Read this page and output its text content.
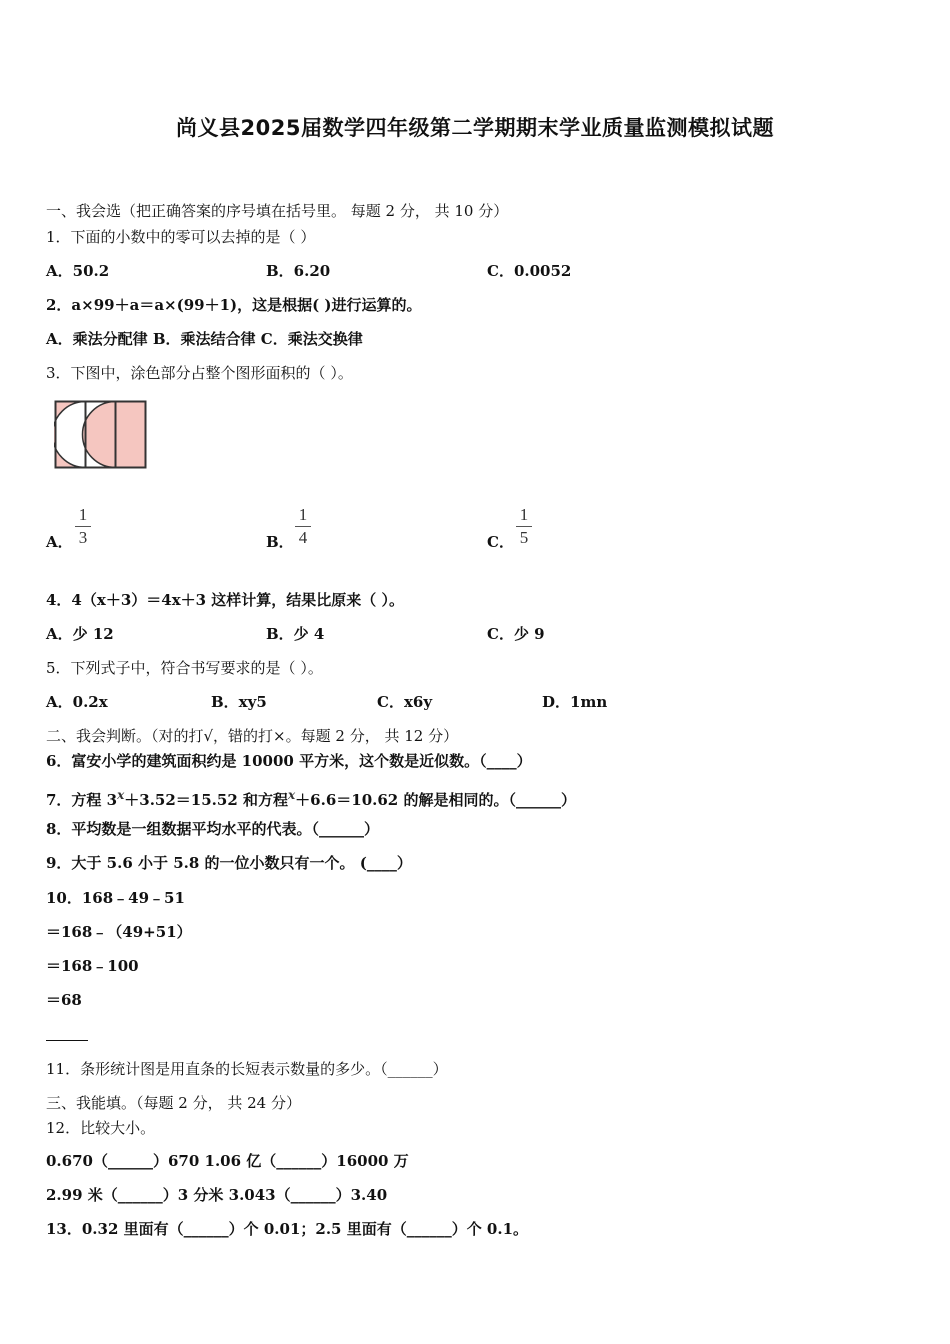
尚义县2025届数学四年级第二学期期末学业质量监测模拟试题
一、我会选（把正确答案的序号填在括号里。 每题 2 分， 共 10 分）
1．下面的小数中的零可以去掉的是（ ）
A．50.2	B．6.20	C．0.0052
2．a×99＋a＝a×(99＋1)，这是根据( )进行运算的。
A．乘法分配律 B．乘法结合律 C．乘法交换律
3．下图中，涂色部分占整个图形面积的（ ）。
A．
1
3	B．
1
4	C．
1
5
4．4（x＋3）＝4x＋3 这样计算，结果比原来（ ）。
A．少 12	B．少 4	C．少 9
5．下列式子中，符合书写要求的是（ ）。
A．0.2x	B．xy5	C．x6y	D．1mn
二、我会判断。（对的打√，错的打×。每题 2 分， 共 12 分）
6．富安小学的建筑面积约是 10000 平方米，这个数是近似数。（____）
7．方程 $3^x+3.52=15.52$ 和方程$^x$＋6.6＝10.62 的解是相同的。（______）
8．平均数是一组数据平均水平的代表。（______）
9．大于 5.6 小于 5.8 的一位小数只有一个。 (____）
10．168﹣49﹣51
＝168﹣（49+51）
＝168﹣100
＝68
11．条形统计图是用直条的长短表示数量的多少。（______）
三、我能填。（每题 2 分， 共 24 分）
12．比较大小。
0.670（______）670 1.06 亿（______）16000 万
2.99 米（______）3 分米 3.043（______）3.40
13．0.32 里面有（______）个 0.01；2.5 里面有（______）个 0.1。
